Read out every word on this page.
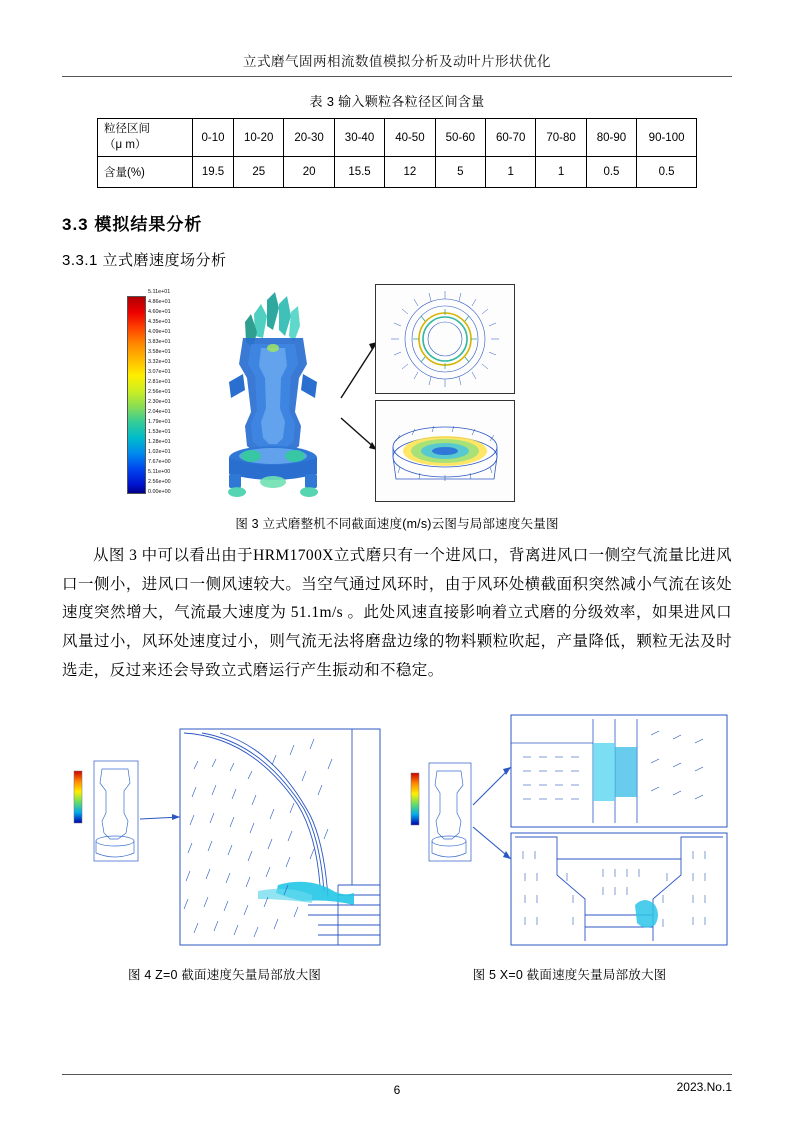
立式磨气固两相流数值模拟分析及动叶片形状优化
表 3 输入颗粒各粒径区间含量
粒径区间
（μ m）	0-10	10-20	20-30	30-40	40-50	50-60	60-70	70-80	80-90	90-100
含量(%)	19.5	25	20	15.5	12	5	1	1	0.5	0.5
3.3 模拟结果分析
3.3.1 立式磨速度场分析
5.11e+01
4.86e+01
4.60e+01
4.35e+01
4.09e+01
3.83e+01
3.58e+01
3.32e+01
3.07e+01
2.81e+01
2.56e+01
2.30e+01
2.04e+01
1.79e+01
1.53e+01
1.28e+01
1.02e+01
7.67e+00
5.11e+00
2.56e+00
0.00e+00
图 3 立式磨整机不同截面速度(m/s)云图与局部速度矢量图

从图 3 中可以看出由于HRM1700X立式磨只有一个进风口，背离进风口一侧空气流量比进风口一侧小，进风口一侧风速较大。当空气通过风环时，由于风环处横截面积突然减小气流在该处速度突然增大，气流最大速度为 51.1m/s 。此处风速直接影响着立式磨的分级效率，如果进风口风量过小，风环处速度过小，则气流无法将磨盘边缘的物料颗粒吹起，产量降低，颗粒无法及时选走，反过来还会导致立式磨运行产生振动和不稳定。

图 4 Z=0 截面速度矢量局部放大图	图 5 X=0 截面速度矢量局部放大图
6	2023.No.1
